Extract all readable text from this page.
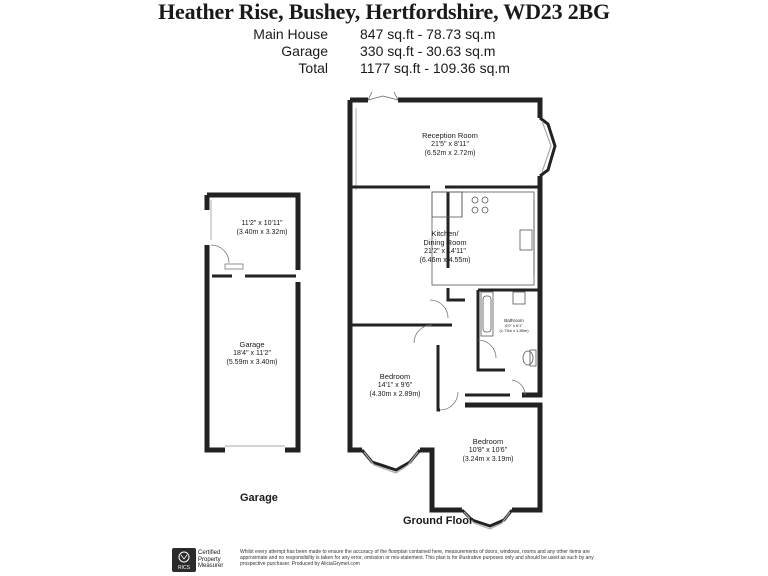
Heather Rise, Bushey, Hertfordshire, WD23 2BG
Main House 847 sq.ft - 78.73 sq.m
Garage 330 sq.ft - 30.63 sq.m
Total 1177 sq.ft - 109.36 sq.m
Reception Room
21'5" x 8'11"
(6.52m x 2.72m)
Kitchen/
Dining Room
21'2" x 14'11"
(6.46m x 4.55m)
Bathroom
6'0" x 6'1"
(1.73m x 1.85m)
Bedroom
14'1" x 9'6"
(4.30m x 2.89m)
Bedroom
10'8" x 10'6"
(3.24m x 3.19m)
11'2" x 10'11"
(3.40m x 3.32m)
Garage
18'4" x 11'2"
(5.59m x 3.40m)
Garage
Ground Floor
RICS
Certified
Property
Measurer
Whilst every attempt has been made to ensure the accuracy of the floorplan contained here, measurements of doors, windows, rooms and any other items are approximate and no responsibility is taken for any error, omission or mis-statement. This plan is for illustrative purposes only and should be used as such by any prospective purchaser. Produced by AliciaGrymel.com
